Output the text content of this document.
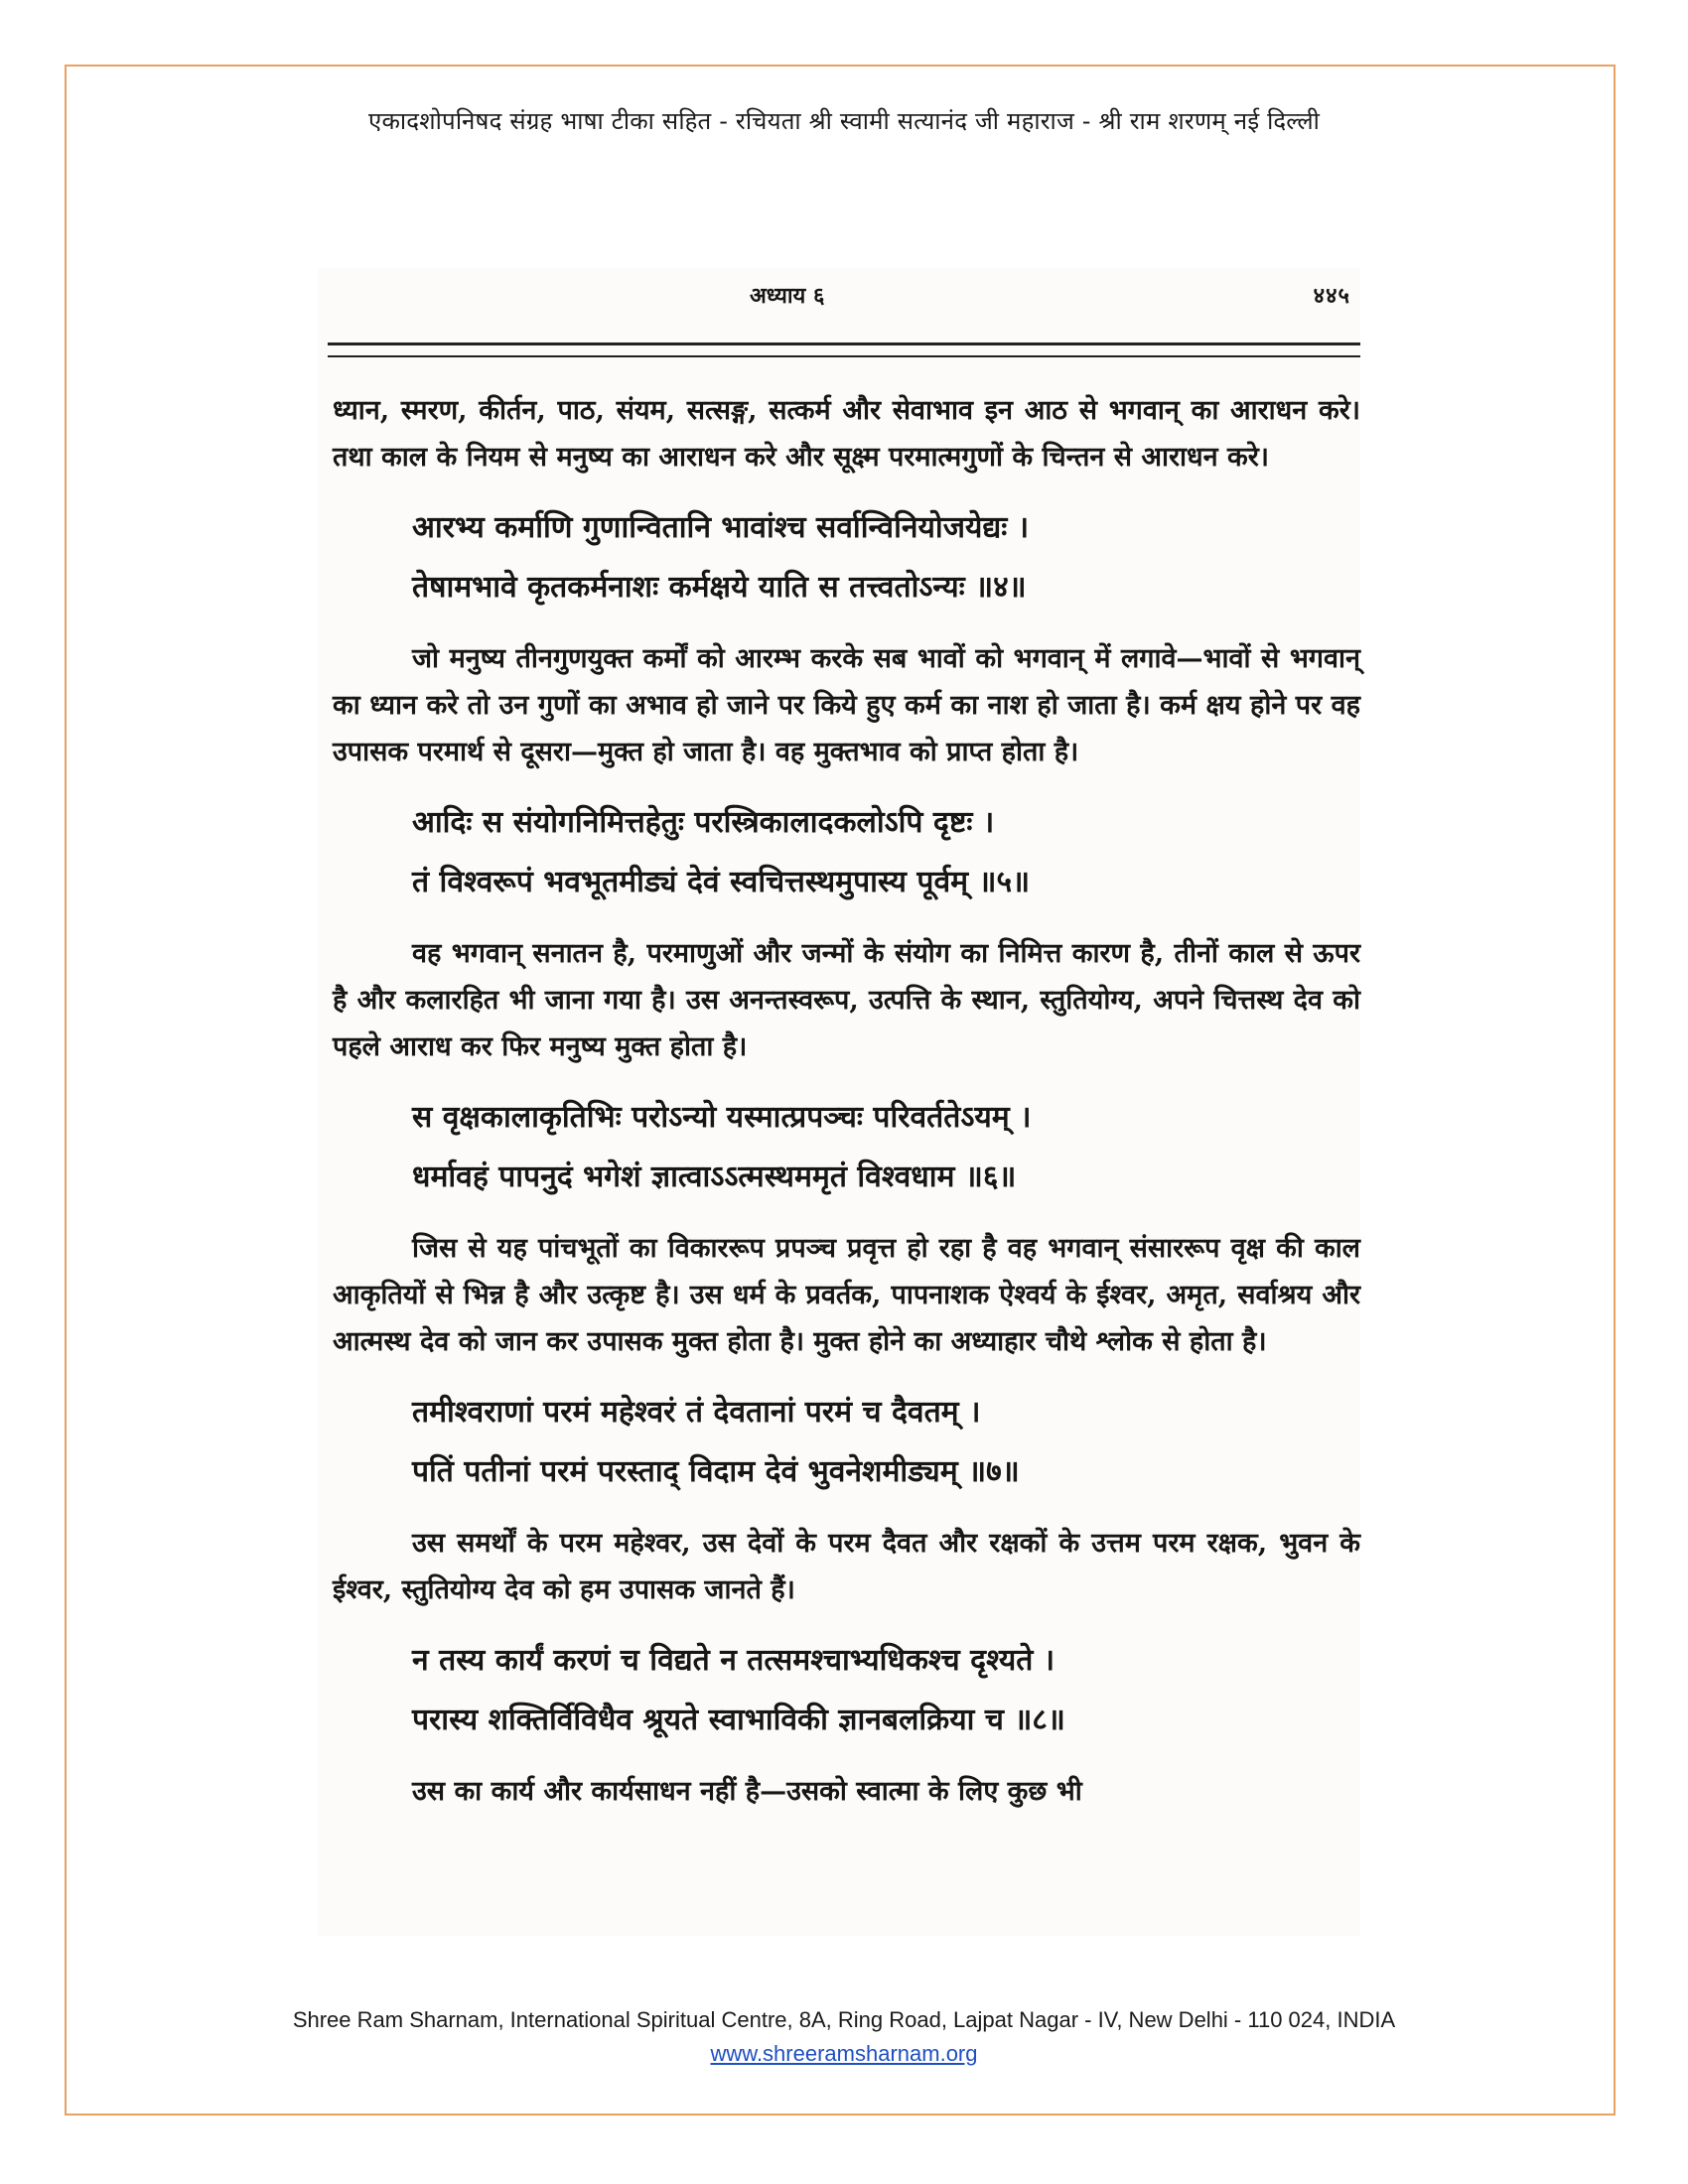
एकादशोपनिषद संग्रह भाषा टीका सहित - रचियता श्री स्वामी सत्यानंद जी महाराज - श्री राम शरणम् नई दिल्ली
अध्याय ६	४४५

ध्यान, स्मरण, कीर्तन, पाठ, संयम, सत्सङ्ग, सत्कर्म और सेवाभाव इन आठ से भगवान् का आराधन करे। तथा काल के नियम से मनुष्य का आराधन करे और सूक्ष्म परमात्मगुणों के चिन्तन से आराधन करे।

आरभ्य कर्माणि गुणान्वितानि भावांश्च सर्वान्विनियोजयेद्यः ।
तेषामभावे कृतकर्मनाशः कर्मक्षये याति स तत्त्वतोऽन्यः ॥४॥

जो मनुष्य तीनगुणयुक्त कर्मों को आरम्भ करके सब भावों को भगवान् में लगावे—भावों से भगवान् का ध्यान करे तो उन गुणों का अभाव हो जाने पर किये हुए कर्म का नाश हो जाता है। कर्म क्षय होने पर वह उपासक परमार्थ से दूसरा—मुक्त हो जाता है। वह मुक्तभाव को प्राप्त होता है।

आदिः स संयोगनिमित्तहेतुः परस्त्रिकालादकलोऽपि दृष्टः ।
तं विश्वरूपं भवभूतमीड्यं देवं स्वचित्तस्थमुपास्य पूर्वम् ॥५॥

वह भगवान् सनातन है, परमाणुओं और जन्मों के संयोग का निमित्त कारण है, तीनों काल से ऊपर है और कलारहित भी जाना गया है। उस अनन्तस्वरूप, उत्पत्ति के स्थान, स्तुतियोग्य, अपने चित्तस्थ देव को पहले आराध कर फिर मनुष्य मुक्त होता है।

स वृक्षकालाकृतिभिः परोऽन्यो यस्मात्प्रपञ्चः परिवर्ततेऽयम् ।
धर्मावहं पापनुदं भगेशं ज्ञात्वाऽऽत्मस्थममृतं विश्वधाम ॥६॥

जिस से यह पांचभूतों का विकाररूप प्रपञ्च प्रवृत्त हो रहा है वह भगवान् संसाररूप वृक्ष की काल आकृतियों से भिन्न है और उत्कृष्ट है। उस धर्म के प्रवर्तक, पापनाशक ऐश्वर्य के ईश्वर, अमृत, सर्वाश्रय और आत्मस्थ देव को जान कर उपासक मुक्त होता है। मुक्त होने का अध्याहार चौथे श्लोक से होता है।

तमीश्वराणां परमं महेश्वरं तं देवतानां परमं च दैवतम् ।
पतिं पतीनां परमं परस्ताद् विदाम देवं भुवनेशमीड्यम् ॥७॥

उस समर्थों के परम महेश्वर, उस देवों के परम दैवत और रक्षकों के उत्तम परम रक्षक, भुवन के ईश्वर, स्तुतियोग्य देव को हम उपासक जानते हैं।

न तस्य कार्यं करणं च विद्यते न तत्समश्चाभ्यधिकश्च दृश्यते ।
परास्य शक्तिर्विविधैव श्रूयते स्वाभाविकी ज्ञानबलक्रिया च ॥८॥

उस का कार्य और कार्यसाधन नहीं है—उसको स्वात्मा के लिए कुछ भी

Shree Ram Sharnam, International Spiritual Centre, 8A, Ring Road, Lajpat Nagar - IV, New Delhi - 110 024, INDIA
www.shreeramsharnam.org
